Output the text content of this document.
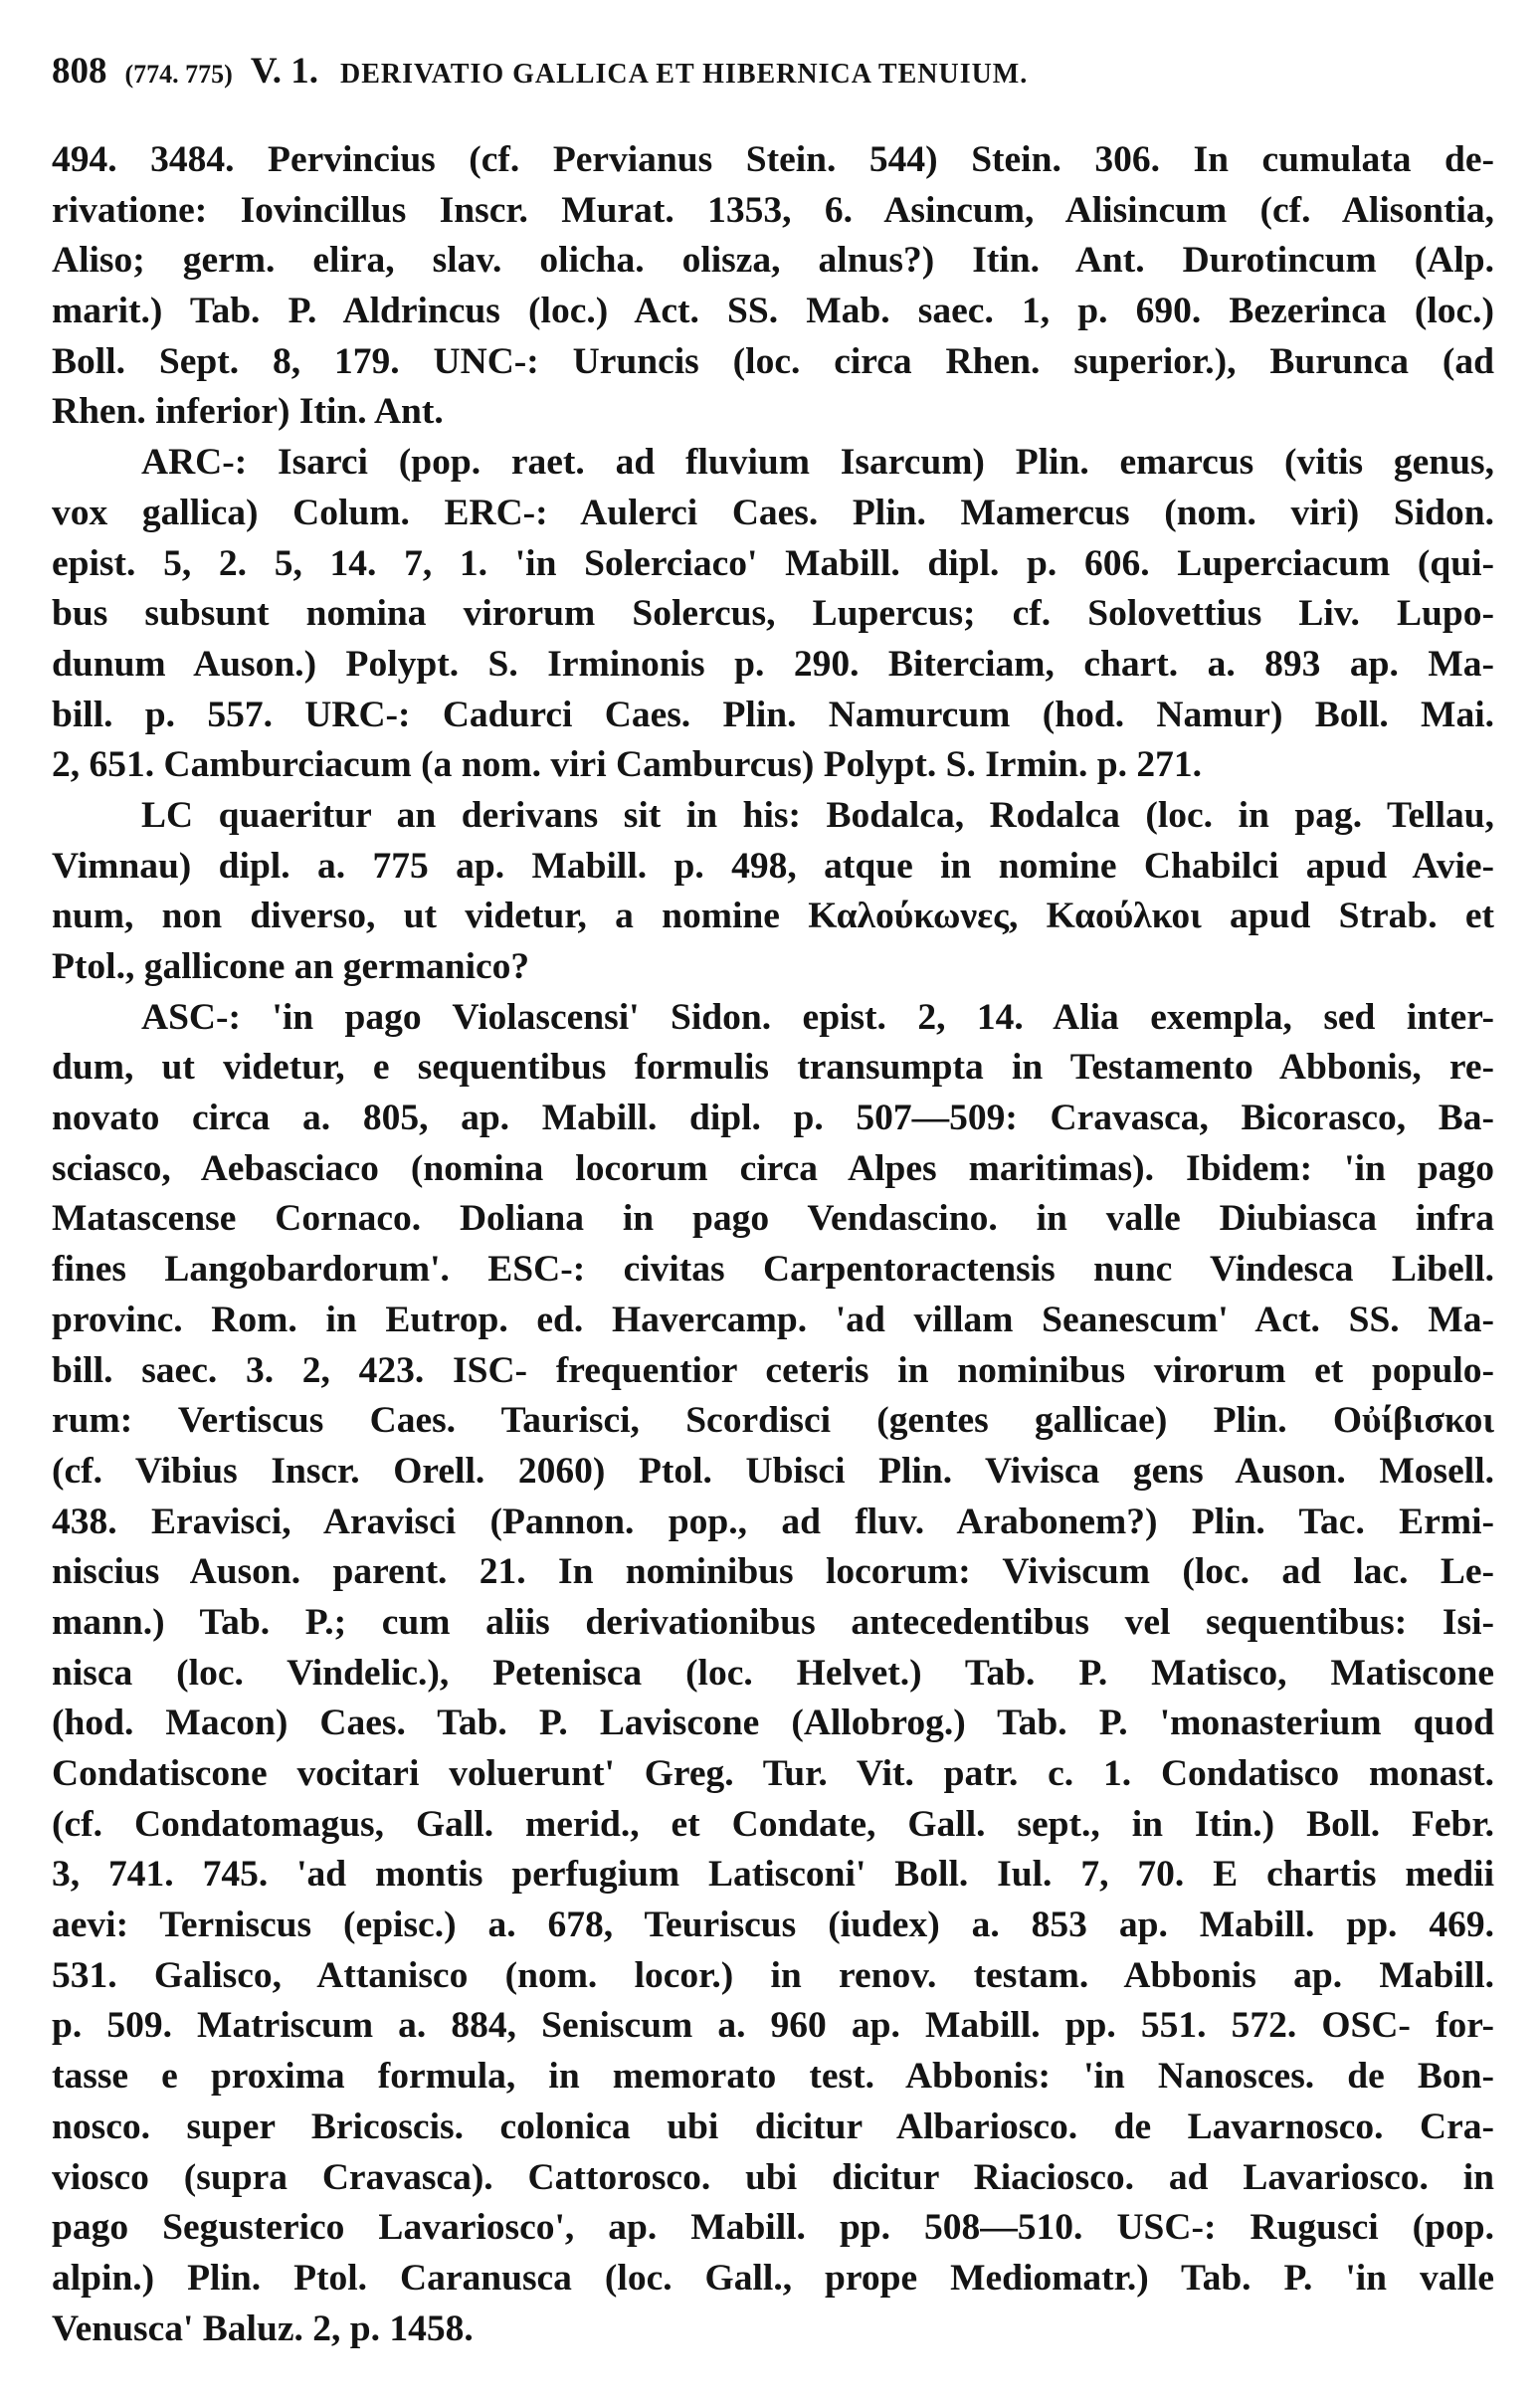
808 (774. 775) V. 1. DERIVATIO GALLICA ET HIBERNICA TENUIUM.
494. 3484. Pervincius (cf. Pervianus Stein. 544) Stein. 306. In cumulata de-
rivatione: Iovincillus Inscr. Murat. 1353, 6. Asincum, Alisincum (cf. Alisontia,
Aliso; germ. elira, slav. olicha. olisza, alnus?) Itin. Ant. Durotincum (Alp.
marit.) Tab. P. Aldrincus (loc.) Act. SS. Mab. saec. 1, p. 690. Bezerinca (loc.)
Boll. Sept. 8, 179. UNC-: Uruncis (loc. circa Rhen. superior.), Burunca (ad
Rhen. inferior) Itin. Ant.
ARC-: Isarci (pop. raet. ad fluvium Isarcum) Plin. emarcus (vitis genus,
vox gallica) Colum. ERC-: Aulerci Caes. Plin. Mamercus (nom. viri) Sidon.
epist. 5, 2. 5, 14. 7, 1. 'in Solerciaco' Mabill. dipl. p. 606. Luperciacum (qui-
bus subsunt nomina virorum Solercus, Lupercus; cf. Solovettius Liv. Lupo-
dunum Auson.) Polypt. S. Irminonis p. 290. Biterciam, chart. a. 893 ap. Ma-
bill. p. 557. URC-: Cadurci Caes. Plin. Namurcum (hod. Namur) Boll. Mai.
2, 651. Camburciacum (a nom. viri Camburcus) Polypt. S. Irmin. p. 271.
LC quaeritur an derivans sit in his: Bodalca, Rodalca (loc. in pag. Tellau,
Vimnau) dipl. a. 775 ap. Mabill. p. 498, atque in nomine Chabilci apud Avie-
num, non diverso, ut videtur, a nomine Καλούκωνες, Καούλκοι apud Strab. et
Ptol., gallicone an germanico?
ASC-: 'in pago Violascensi' Sidon. epist. 2, 14. Alia exempla, sed inter-
dum, ut videtur, e sequentibus formulis transumpta in Testamento Abbonis, re-
novato circa a. 805, ap. Mabill. dipl. p. 507—509: Cravasca, Bicorasco, Ba-
sciasco, Aebasciaco (nomina locorum circa Alpes maritimas). Ibidem: 'in pago
Matascense Cornaco. Doliana in pago Vendascino. in valle Diubiasca infra
fines Langobardorum'. ESC-: civitas Carpentoractensis nunc Vindesca Libell.
provinc. Rom. in Eutrop. ed. Havercamp. 'ad villam Seanescum' Act. SS. Ma-
bill. saec. 3. 2, 423. ISC- frequentior ceteris in nominibus virorum et populo-
rum: Vertiscus Caes. Taurisci, Scordisci (gentes gallicae) Plin. Οὐίβισκοι
(cf. Vibius Inscr. Orell. 2060) Ptol. Ubisci Plin. Vivisca gens Auson. Mosell.
438. Eravisci, Aravisci (Pannon. pop., ad fluv. Arabonem?) Plin. Tac. Ermi-
niscius Auson. parent. 21. In nominibus locorum: Viviscum (loc. ad lac. Le-
mann.) Tab. P.; cum aliis derivationibus antecedentibus vel sequentibus: Isi-
nisca (loc. Vindelic.), Petenisca (loc. Helvet.) Tab. P. Matisco, Matiscone
(hod. Macon) Caes. Tab. P. Laviscone (Allobrog.) Tab. P. 'monasterium quod
Condatiscone vocitari voluerunt' Greg. Tur. Vit. patr. c. 1. Condatisco monast.
(cf. Condatomagus, Gall. merid., et Condate, Gall. sept., in Itin.) Boll. Febr.
3, 741. 745. 'ad montis perfugium Latisconi' Boll. Iul. 7, 70. E chartis medii
aevi: Terniscus (episc.) a. 678, Teuriscus (iudex) a. 853 ap. Mabill. pp. 469.
531. Galisco, Attanisco (nom. locor.) in renov. testam. Abbonis ap. Mabill.
p. 509. Matriscum a. 884, Seniscum a. 960 ap. Mabill. pp. 551. 572. OSC- for-
tasse e proxima formula, in memorato test. Abbonis: 'in Nanosces. de Bon-
nosco. super Bricoscis. colonica ubi dicitur Albariosco. de Lavarnosco. Cra-
viosco (supra Cravasca). Cattorosco. ubi dicitur Riaciosco. ad Lavariosco. in
pago Segusterico Lavariosco', ap. Mabill. pp. 508—510. USC-: Rugusci (pop.
alpin.) Plin. Ptol. Caranusca (loc. Gall., prope Mediomatr.) Tab. P. 'in valle
Venusca' Baluz. 2, p. 1458.
